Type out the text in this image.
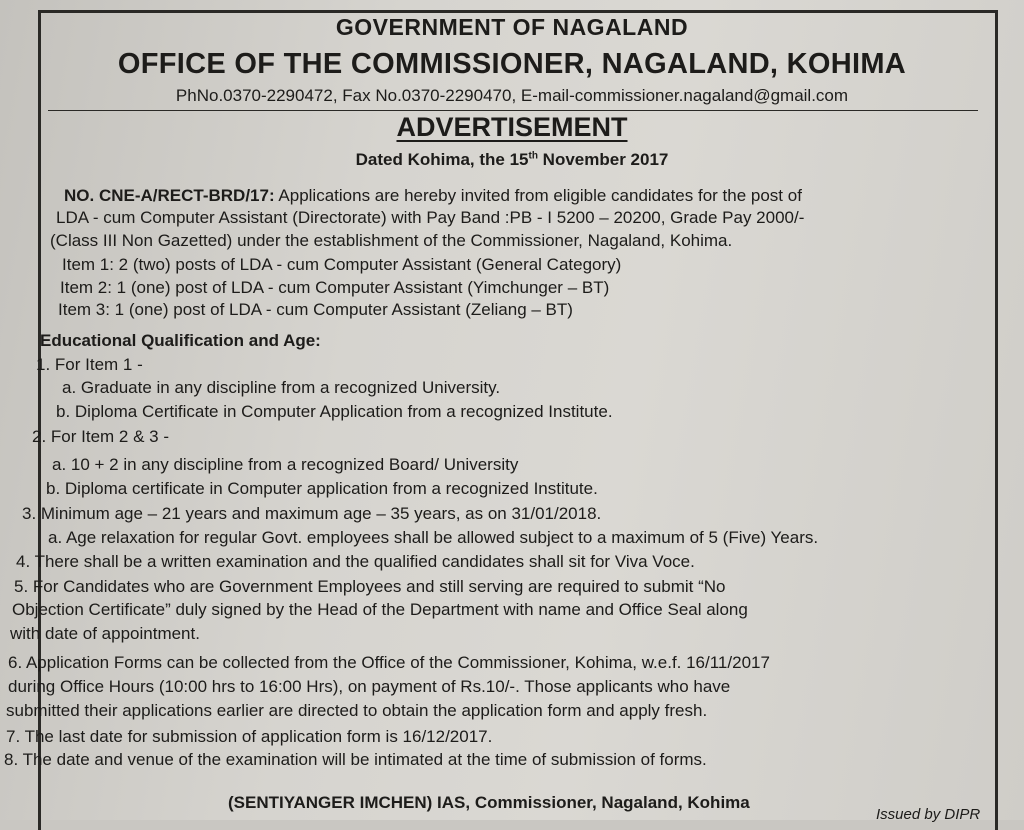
GOVERNMENT OF NAGALAND
OFFICE OF THE COMMISSIONER, NAGALAND, KOHIMA
PhNo.0370-2290472, Fax No.0370-2290470, E-mail-commissioner.nagaland@gmail.com
ADVERTISEMENT
Dated Kohima, the 15th November 2017
NO. CNE-A/RECT-BRD/17: Applications are hereby invited from eligible candidates for the post of
LDA - cum Computer Assistant (Directorate) with Pay Band :PB - I 5200 – 20200, Grade Pay 2000/-
(Class III Non Gazetted) under the establishment of the Commissioner, Nagaland, Kohima.
Item 1: 2 (two) posts of LDA - cum Computer Assistant (General Category)
Item 2: 1 (one) post of LDA - cum Computer Assistant (Yimchunger – BT)
Item 3: 1 (one) post of LDA - cum Computer Assistant (Zeliang – BT)
Educational Qualification and Age:
1. For Item 1 -
a. Graduate in any discipline from a recognized University.
b. Diploma Certificate in Computer Application from a recognized Institute.
2. For Item 2 & 3 -
a. 10 + 2 in any discipline from a recognized Board/ University
b. Diploma certificate in Computer application from a recognized Institute.
3. Minimum age – 21 years and maximum age – 35 years, as on 31/01/2018.
a. Age relaxation for regular Govt. employees shall be allowed subject to a maximum of 5 (Five) Years.
4. There shall be a written examination and the qualified candidates shall sit for Viva Voce.
5. For Candidates who are Government Employees and still serving are required to submit “No
Objection Certificate” duly signed by the Head of the Department with name and Office Seal along
with date of appointment.
6. Application Forms can be collected from the Office of the Commissioner, Kohima, w.e.f. 16/11/2017
during Office Hours (10:00 hrs to 16:00 Hrs), on payment of Rs.10/-. Those applicants who have
submitted their applications earlier are directed to obtain the application form and apply fresh.
7. The last date for submission of application form is 16/12/2017.
8. The date and venue of the examination will be intimated at the time of submission of forms.
(SENTIYANGER IMCHEN) IAS, Commissioner, Nagaland, Kohima
Issued by DIPR
